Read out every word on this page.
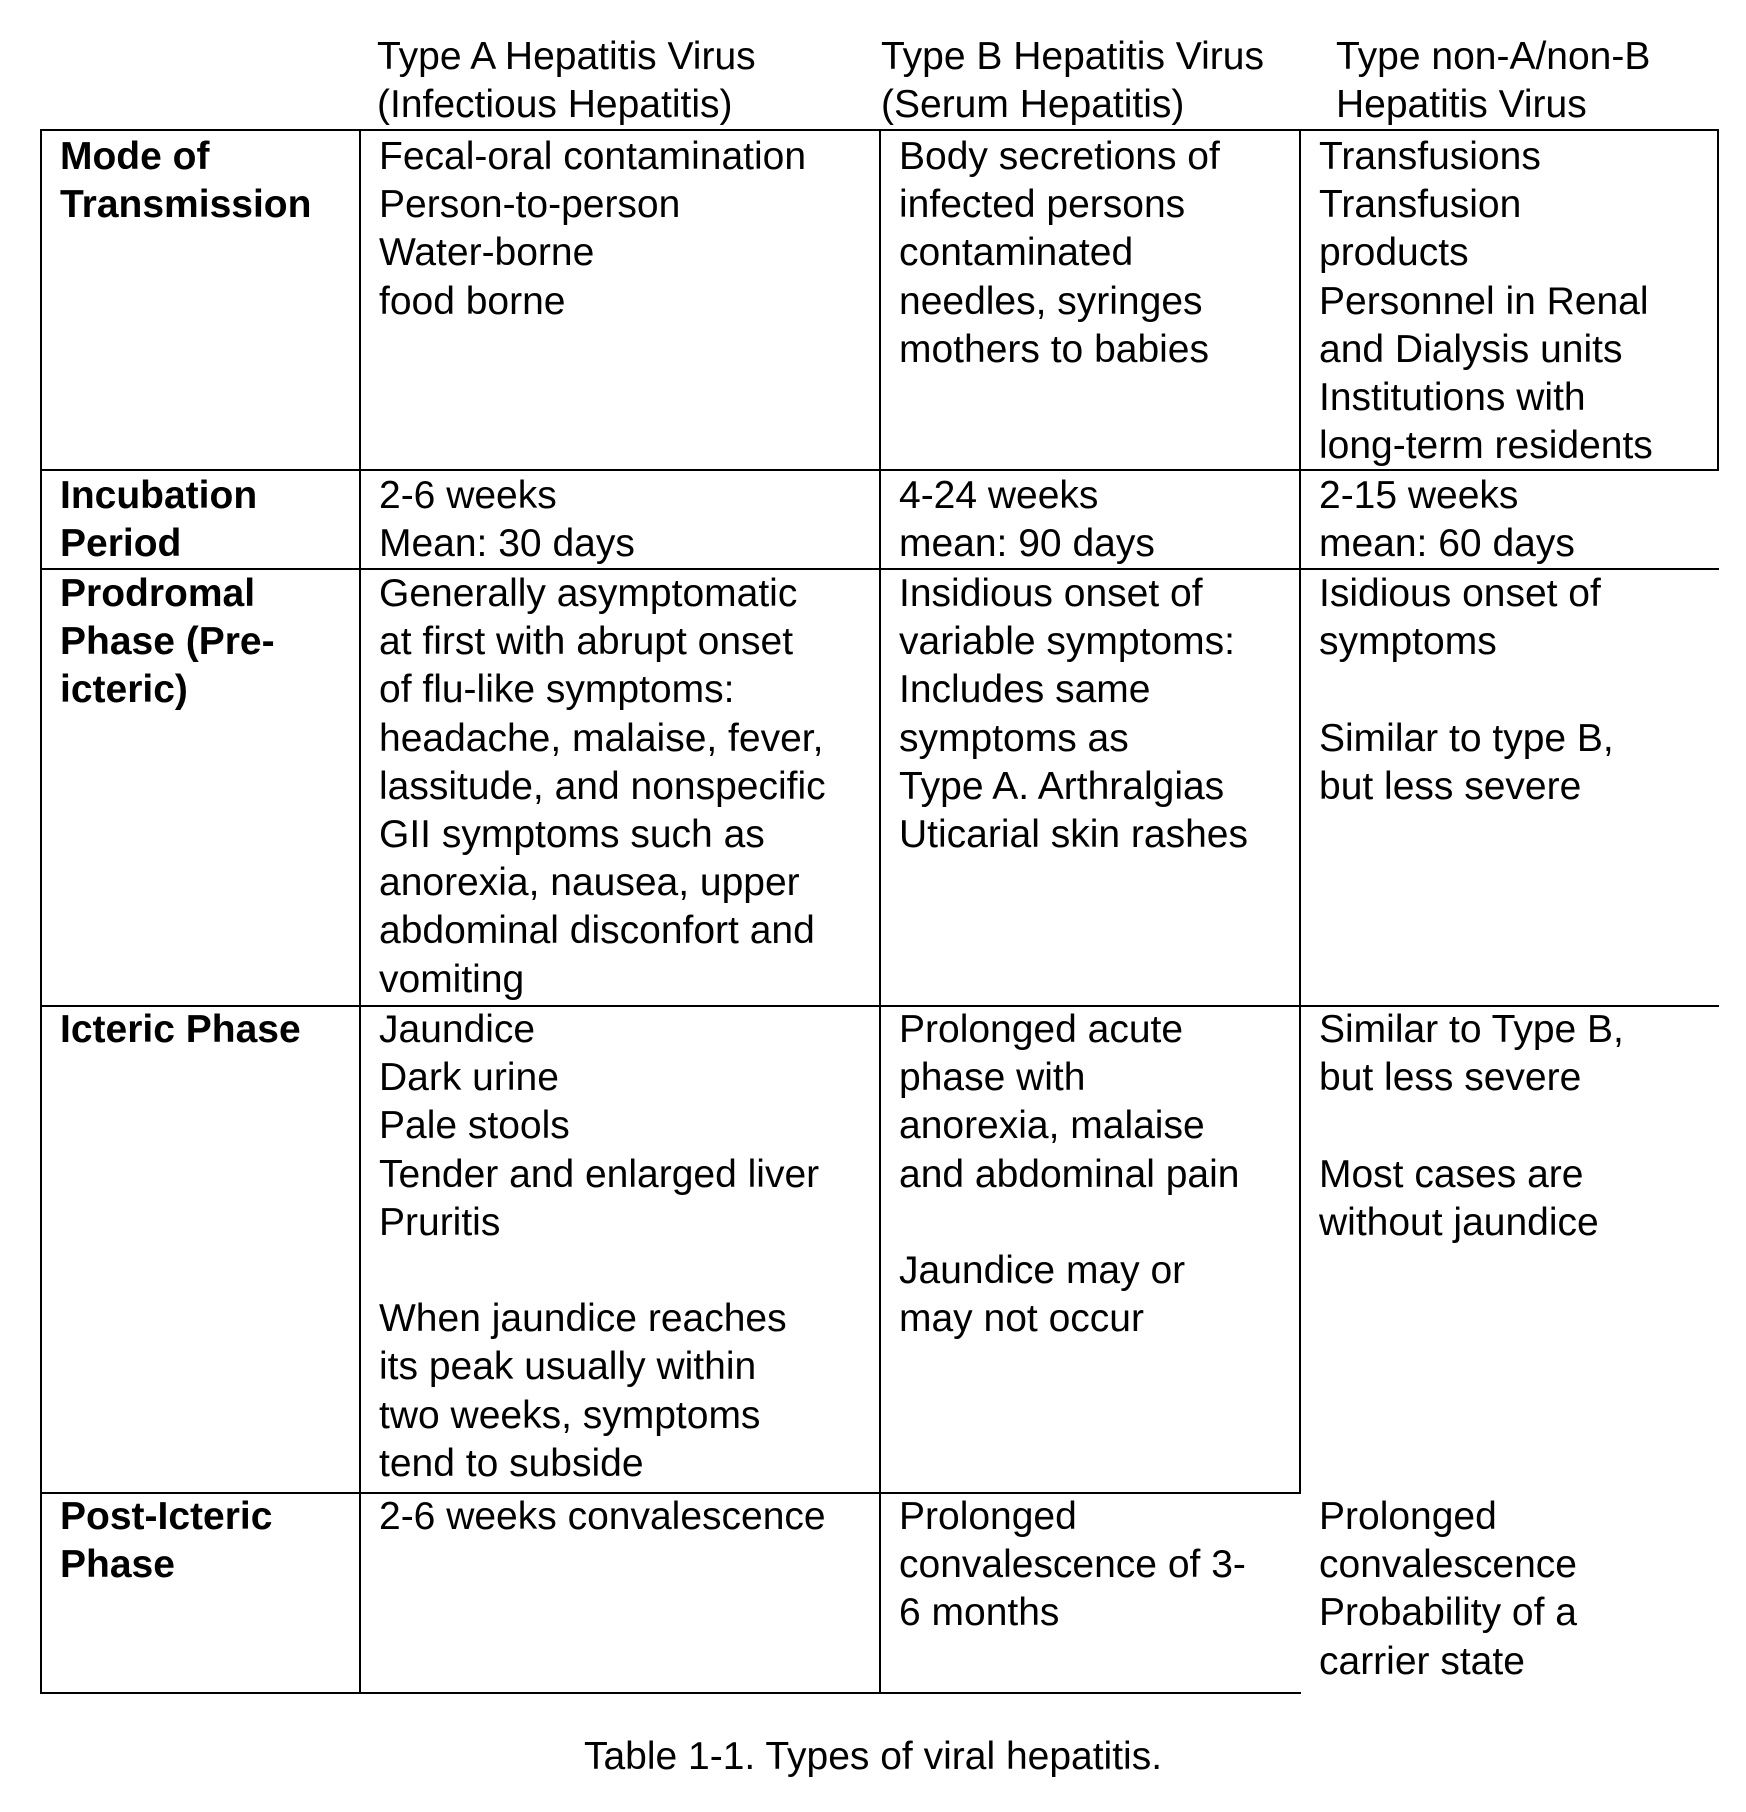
Type A Hepatitis Virus
(Infectious Hepatitis)
Type B Hepatitis Virus
(Serum Hepatitis)
Type non-A/non-B
Hepatitis Virus
Mode of
Transmission
Fecal-oral contamination
Person-to-person
Water-borne
food borne
Body secretions of
infected persons
contaminated
needles, syringes
mothers to babies
Transfusions
Transfusion
products
Personnel in Renal
and Dialysis units
Institutions with
long-term residents
Incubation
Period
2-6 weeks
Mean: 30 days
4-24 weeks
mean: 90 days
2-15 weeks
mean: 60 days
Prodromal
Phase (Pre-
icteric)
Generally asymptomatic
at first with abrupt onset
of flu-like symptoms:
headache, malaise, fever,
lassitude, and nonspecific
GII symptoms such as
anorexia, nausea, upper
abdominal disconfort and
vomiting
Insidious onset of
variable symptoms:
Includes same
symptoms as
Type A. Arthralgias
Uticarial skin rashes
Isidious onset of
symptoms

Similar to type B,
but less severe
Icteric Phase Jaundice
Dark urine
Pale stools
Tender and enlarged liver
Pruritis

When jaundice reaches
its peak usually within
two weeks, symptoms
tend to subside
Prolonged acute
phase with
anorexia, malaise
and abdominal pain

Jaundice may or
may not occur
Similar to Type B,
but less severe

Most cases are
without jaundice
Post-Icteric
Phase
2-6 weeks convalescence Prolonged
convalescence of 3-
6 months
Prolonged
convalescence
Probability of a
carrier state
Table 1-1. Types of viral hepatitis.
